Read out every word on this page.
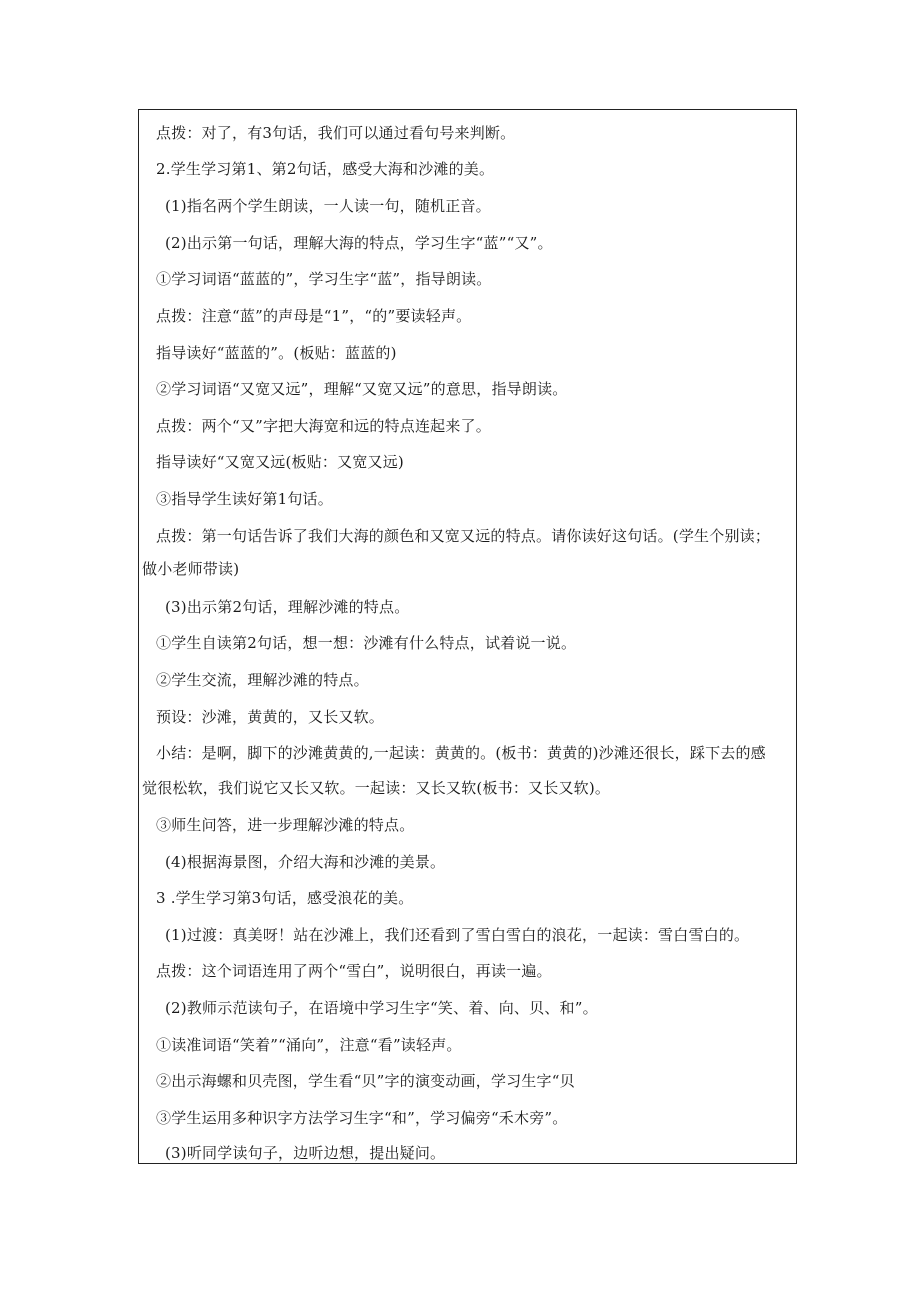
点拨：对了，有3句话，我们可以通过看句号来判断。
2.学生学习第1、第2句话，感受大海和沙滩的美。
(1)指名两个学生朗读，一人读一句，随机正音。
(2)出示第一句话，理解大海的特点，学习生字“蓝”“又”。
①学习词语“蓝蓝的”，学习生字“蓝”，指导朗读。
点拨：注意“蓝”的声母是“1”，“的”要读轻声。
指导读好“蓝蓝的”。(板贴：蓝蓝的)
②学习词语“又宽又远”，理解“又宽又远”的意思，指导朗读。
点拨：两个“又”字把大海宽和远的特点连起来了。
指导读好“又宽又远(板贴：又宽又远)
③指导学生读好第1句话。
点拨：第一句话告诉了我们大海的颜色和又宽又远的特点。请你读好这句话。(学生个别读；
做小老师带读)
(3)出示第2句话，理解沙滩的特点。
①学生自读第2句话，想一想：沙滩有什么特点，试着说一说。
②学生交流，理解沙滩的特点。
预设：沙滩，黄黄的，又长又软。
小结：是啊，脚下的沙滩黄黄的,一起读：黄黄的。(板书：黄黄的)沙滩还很长，踩下去的感
觉很松软，我们说它又长又软。一起读：又长又软(板书：又长又软)。
③师生问答，进一步理解沙滩的特点。
(4)根据海景图，介绍大海和沙滩的美景。
3 .学生学习第3句话，感受浪花的美。
(1)过渡：真美呀！站在沙滩上，我们还看到了雪白雪白的浪花，一起读：雪白雪白的。
点拨：这个词语连用了两个“雪白”，说明很白，再读一遍。
(2)教师示范读句子，在语境中学习生字“笑、着、向、贝、和”。
①读准词语“笑着”“涌向”，注意“看”读轻声。
②出示海螺和贝壳图，学生看“贝”字的演变动画，学习生字“贝
③学生运用多种识字方法学习生字“和”，学习偏旁“禾木旁”。
(3)听同学读句子，边听边想，提出疑问。
